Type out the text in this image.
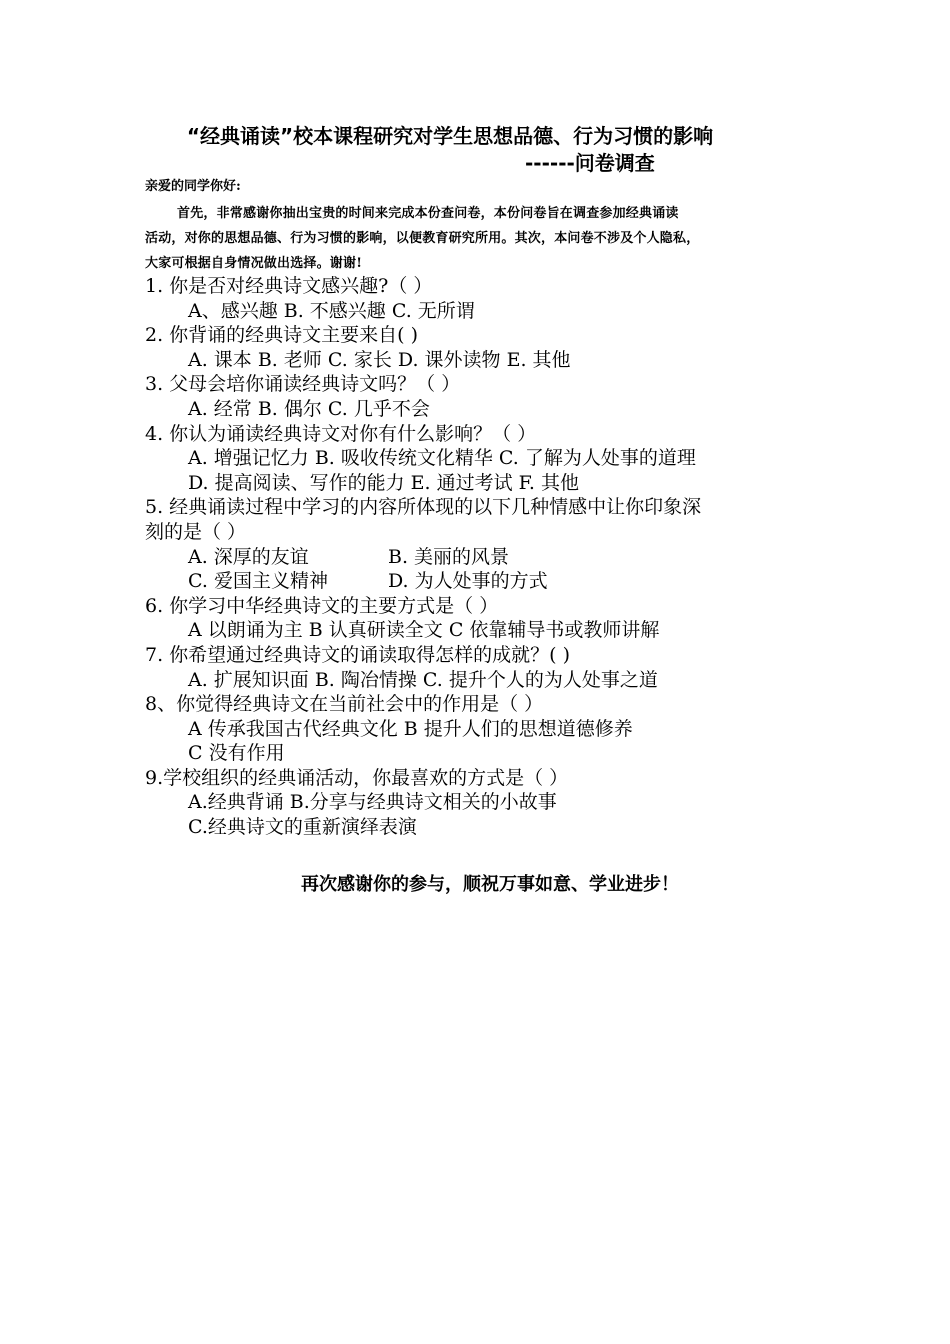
“经典诵读”校本课程研究对学生思想品德、行为习惯的影响
------问卷调查
亲爱的同学你好:
首先，非常感谢你抽出宝贵的时间来完成本份查问卷，本份问卷旨在调查参加经典诵读
活动，对你的思想品德、行为习惯的影响，以便教育研究所用。其次，本问卷不涉及个人隐私，
大家可根据自身情况做出选择。谢谢!
1. 你是否对经典诗文感兴趣?（ ）
A、感兴趣 B. 不感兴趣 C. 无所谓
2. 你背诵的经典诗文主要来自( )
A. 课本 B. 老师 C. 家长 D. 课外读物 E. 其他
3. 父母会培你诵读经典诗文吗？（ ）
A. 经常 B. 偶尔 C. 几乎不会
4. 你认为诵读经典诗文对你有什么影响？（ ）
A. 增强记忆力 B. 吸收传统文化精华 C. 了解为人处事的道理
D. 提高阅读、写作的能力 E. 通过考试 F. 其他
5. 经典诵读过程中学习的内容所体现的以下几种情感中让你印象深
刻的是（ ）
A. 深厚的友谊	B. 美丽的风景
C. 爱国主义精神	D. 为人处事的方式
6. 你学习中华经典诗文的主要方式是（ ）
A 以朗诵为主 B 认真研读全文 C 依靠辅导书或教师讲解
7. 你希望通过经典诗文的诵读取得怎样的成就？( )
A. 扩展知识面 B. 陶冶情操 C. 提升个人的为人处事之道
8、你觉得经典诗文在当前社会中的作用是（ ）
A 传承我国古代经典文化 B 提升人们的思想道德修养
C 没有作用
9.学校组织的经典诵活动，你最喜欢的方式是（ ）
A.经典背诵 B.分享与经典诗文相关的小故事
C.经典诗文的重新演绎表演
再次感谢你的参与，顺祝万事如意、学业进步！
